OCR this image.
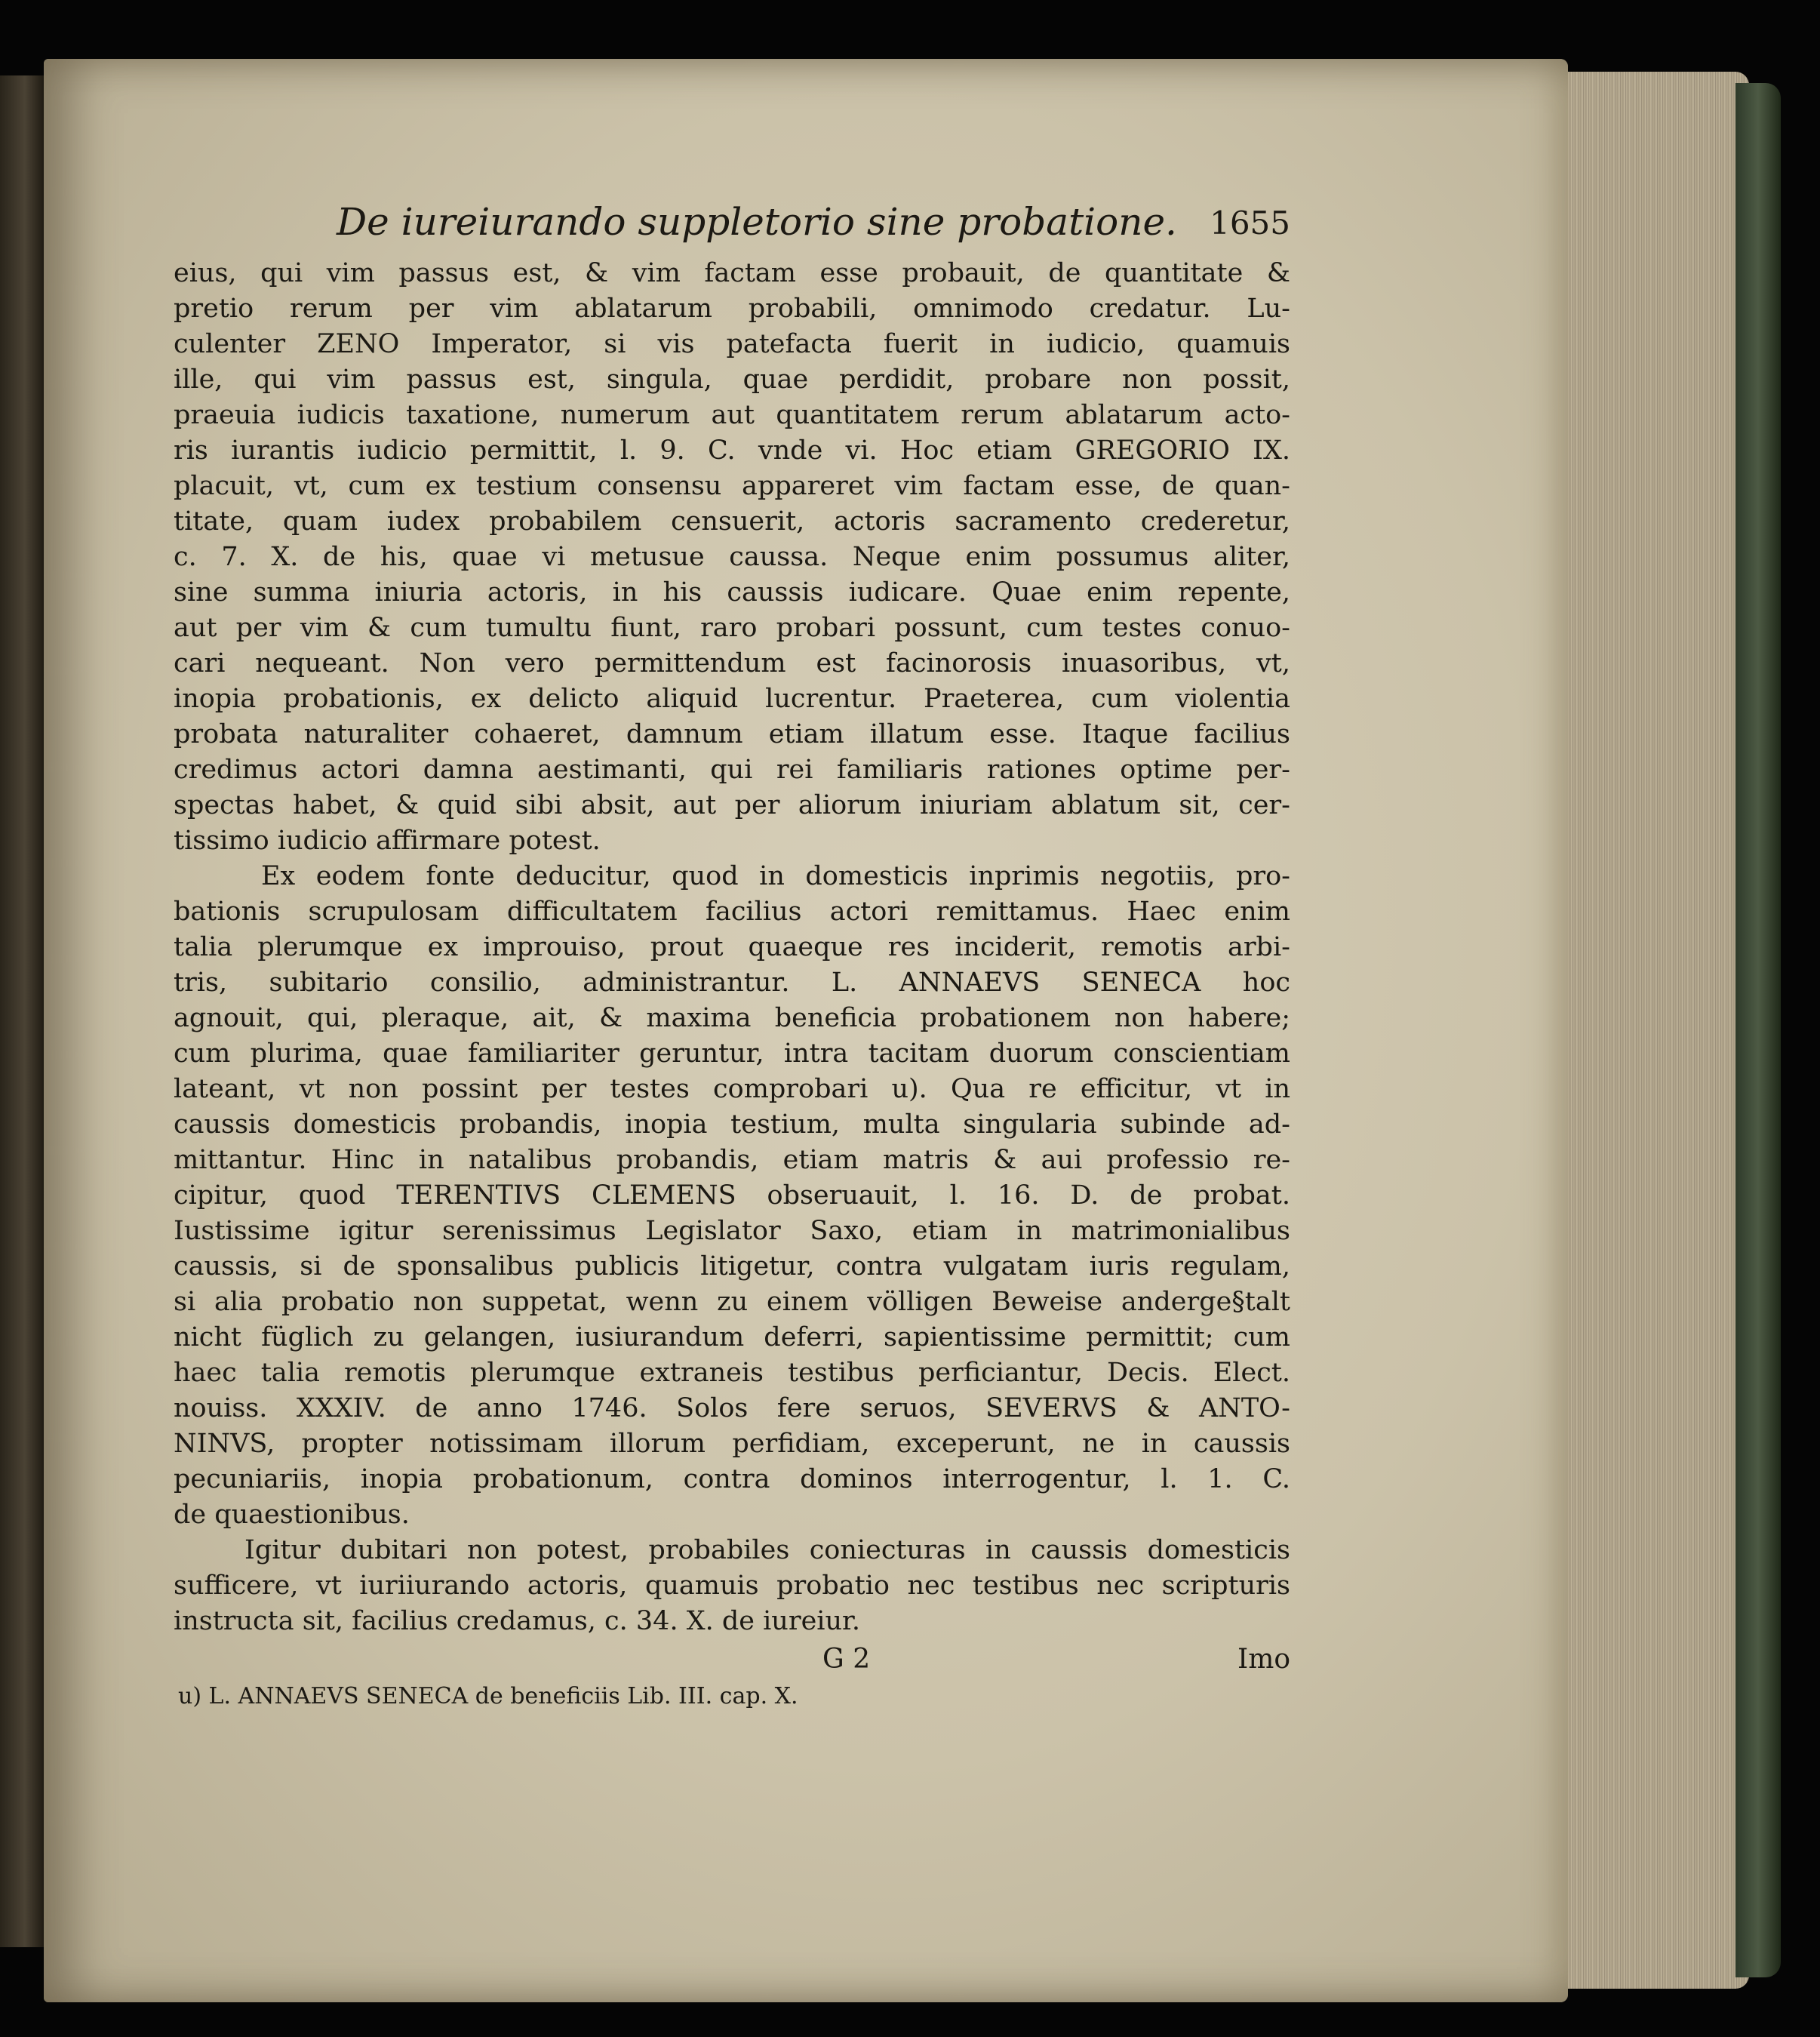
De iureiurando suppletorio sine probatione. 1655
eius, qui vim passus est, & vim factam esse probauit, de quantitate &
pretio rerum per vim ablatarum probabili, omnimodo credatur. Lu-
culenter ZENO Imperator, si vis patefacta fuerit in iudicio, quamuis
ille, qui vim passus est, singula, quae perdidit, probare non possit,
praeuia iudicis taxatione, numerum aut quantitatem rerum ablatarum acto-
ris iurantis iudicio permittit, l. 9. C. vnde vi. Hoc etiam GREGORIO IX.
placuit, vt, cum ex testium consensu appareret vim factam esse, de quan-
titate, quam iudex probabilem censuerit, actoris sacramento crederetur,
c. 7. X. de his, quae vi metusue caussa. Neque enim possumus aliter,
sine summa iniuria actoris, in his caussis iudicare. Quae enim repente,
aut per vim & cum tumultu fiunt, raro probari possunt, cum testes conuo-
cari nequeant. Non vero permittendum est facinorosis inuasoribus, vt,
inopia probationis, ex delicto aliquid lucrentur. Praeterea, cum violentia
probata naturaliter cohaeret, damnum etiam illatum esse. Itaque facilius
credimus actori damna aestimanti, qui rei familiaris rationes optime per-
spectas habet, & quid sibi absit, aut per aliorum iniuriam ablatum sit, cer-
tissimo iudicio affirmare potest.
Ex eodem fonte deducitur, quod in domesticis inprimis negotiis, pro-
bationis scrupulosam difficultatem facilius actori remittamus. Haec enim
talia plerumque ex improuiso, prout quaeque res inciderit, remotis arbi-
tris, subitario consilio, administrantur. L. ANNAEVS SENECA hoc
agnouit, qui, pleraque, ait, & maxima beneficia probationem non habere;
cum plurima, quae familiariter geruntur, intra tacitam duorum conscientiam
lateant, vt non possint per testes comprobari u). Qua re efficitur, vt in
caussis domesticis probandis, inopia testium, multa singularia subinde ad-
mittantur. Hinc in natalibus probandis, etiam matris & aui professio re-
cipitur, quod TERENTIVS CLEMENS obseruauit, l. 16. D. de probat.
Iustissime igitur serenissimus Legislator Saxo, etiam in matrimonialibus
caussis, si de sponsalibus publicis litigetur, contra vulgatam iuris regulam,
si alia probatio non suppetat, wenn zu einem völligen Beweise anderge§talt
nicht füglich zu gelangen, iusiurandum deferri, sapientissime permittit; cum
haec talia remotis plerumque extraneis testibus perficiantur, Decis. Elect.
nouiss. XXXIV. de anno 1746. Solos fere seruos, SEVERVS & ANTO-
NINVS, propter notissimam illorum perfidiam, exceperunt, ne in caussis
pecuniariis, inopia probationum, contra dominos interrogentur, l. 1. C.
de quaestionibus.
Igitur dubitari non potest, probabiles coniecturas in caussis domesticis
sufficere, vt iuriiurando actoris, quamuis probatio nec testibus nec scripturis
instructa sit, facilius credamus, c. 34. X. de iureiur.
G 2	Imo
u) L. ANNAEVS SENECA de beneficiis Lib. III. cap. X.
